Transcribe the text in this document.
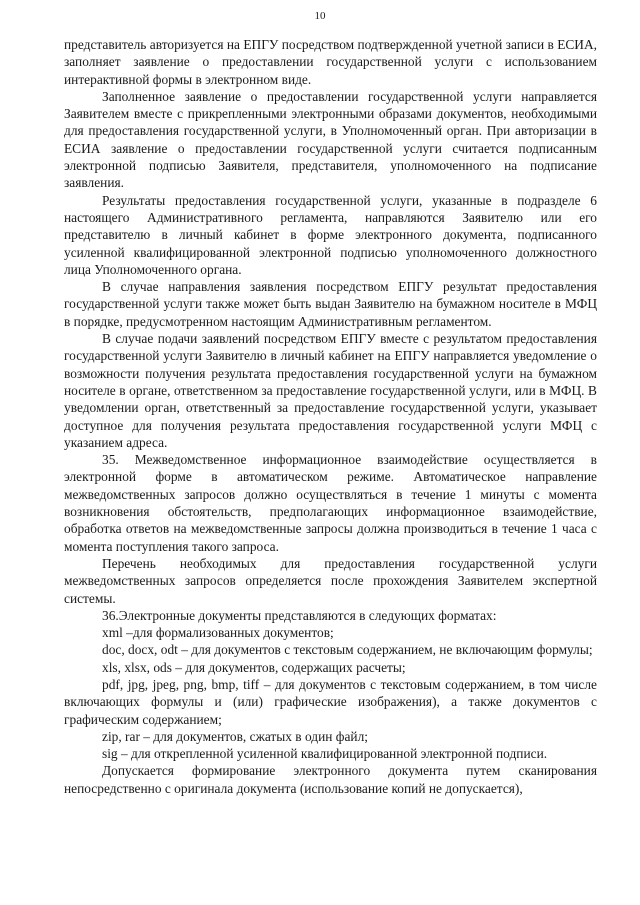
10

представитель авторизуется на ЕПГУ посредством подтвержденной учетной записи в ЕСИА, заполняет заявление о предоставлении государственной услуги с использованием интерактивной формы в электронном виде.

Заполненное заявление о предоставлении государственной услуги направляется Заявителем вместе с прикрепленными электронными образами документов, необходимыми для предоставления государственной услуги, в Уполномоченный орган. При авторизации в ЕСИА заявление о предоставлении государственной услуги считается подписанным электронной подписью Заявителя, представителя, уполномоченного на подписание заявления.

Результаты предоставления государственной услуги, указанные в подразделе 6 настоящего Административного регламента, направляются Заявителю или его представителю в личный кабинет в форме электронного документа, подписанного усиленной квалифицированной электронной подписью уполномоченного должностного лица Уполномоченного органа.

В случае направления заявления посредством ЕПГУ результат предоставления государственной услуги также может быть выдан Заявителю на бумажном носителе в МФЦ в порядке, предусмотренном настоящим Административным регламентом.

В случае подачи заявлений посредством ЕПГУ вместе с результатом предоставления государственной услуги Заявителю в личный кабинет на ЕПГУ направляется уведомление о возможности получения результата предоставления государственной услуги на бумажном носителе в органе, ответственном за предоставление государственной услуги, или в МФЦ. В уведомлении орган, ответственный за предоставление государственной услуги, указывает доступное для получения результата предоставления государственной услуги МФЦ с указанием адреса.

35. Межведомственное информационное взаимодействие осуществляется в электронной форме в автоматическом режиме. Автоматическое направление межведомственных запросов должно осуществляться в течение 1 минуты с момента возникновения обстоятельств, предполагающих информационное взаимодействие, обработка ответов на межведомственные запросы должна производиться в течение 1 часа с момента поступления такого запроса.

Перечень необходимых для предоставления государственной услуги межведомственных запросов определяется после прохождения Заявителем экспертной системы.

36.Электронные документы представляются в следующих форматах:

xml –для формализованных документов;

doc, docx, odt – для документов с текстовым содержанием, не включающим формулы;

xls, xlsx, ods – для документов, содержащих расчеты;

pdf, jpg, jpeg, png, bmp, tiff – для документов с текстовым содержанием, в том числе включающих формулы и (или) графические изображения), а также документов с графическим содержанием;

zip, rar – для документов, сжатых в один файл;

sig – для открепленной усиленной квалифицированной электронной подписи.

Допускается формирование электронного документа путем сканирования непосредственно с оригинала документа (использование копий не допускается),
